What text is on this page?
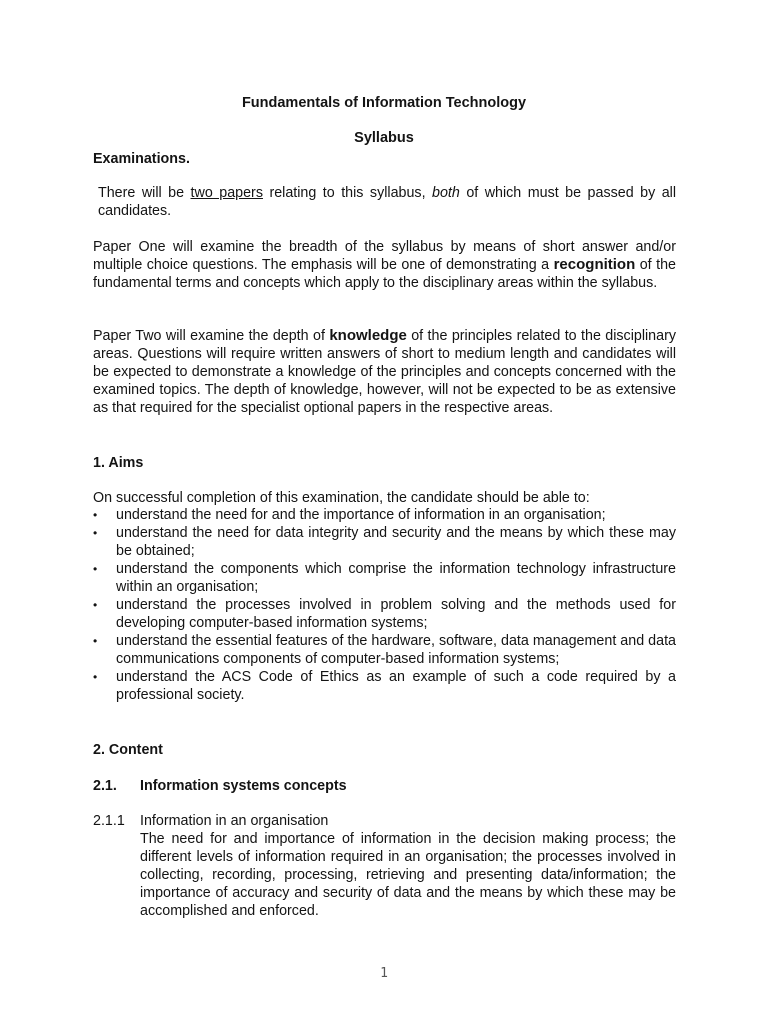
Fundamentals of Information Technology
Syllabus
Examinations.

There will be two papers relating to this syllabus, both of which must be passed by all candidates.

Paper One will examine the breadth of the syllabus by means of short answer and/or multiple choice questions. The emphasis will be one of demonstrating a recognition of the fundamental terms and concepts which apply to the disciplinary areas within the syllabus.

Paper Two will examine the depth of knowledge of the principles related to the disciplinary areas. Questions will require written answers of short to medium length and candidates will be expected to demonstrate a knowledge of the principles and concepts concerned with the examined topics. The depth of knowledge, however, will not be expected to be as extensive as that required for the specialist optional papers in the respective areas.

1. Aims

On successful completion of this examination, the candidate should be able to:

• understand the need for and the importance of information in an organisation;
• understand the need for data integrity and security and the means by which these may be obtained;
• understand the components which comprise the information technology infrastructure within an organisation;
• understand the processes involved in problem solving and the methods used for developing computer-based information systems;
• understand the essential features of the hardware, software, data management and data communications components of computer-based information systems;
• understand the ACS Code of Ethics as an example of such a code required by a professional society.
2. Content
2.1. Information systems concepts
2.1.1 Information in an organisation

The need for and importance of information in the decision making process; the different levels of information required in an organisation; the processes involved in collecting, recording, processing, retrieving and presenting data/information; the importance of accuracy and security of data and the means by which these may be accomplished and enforced.

1
